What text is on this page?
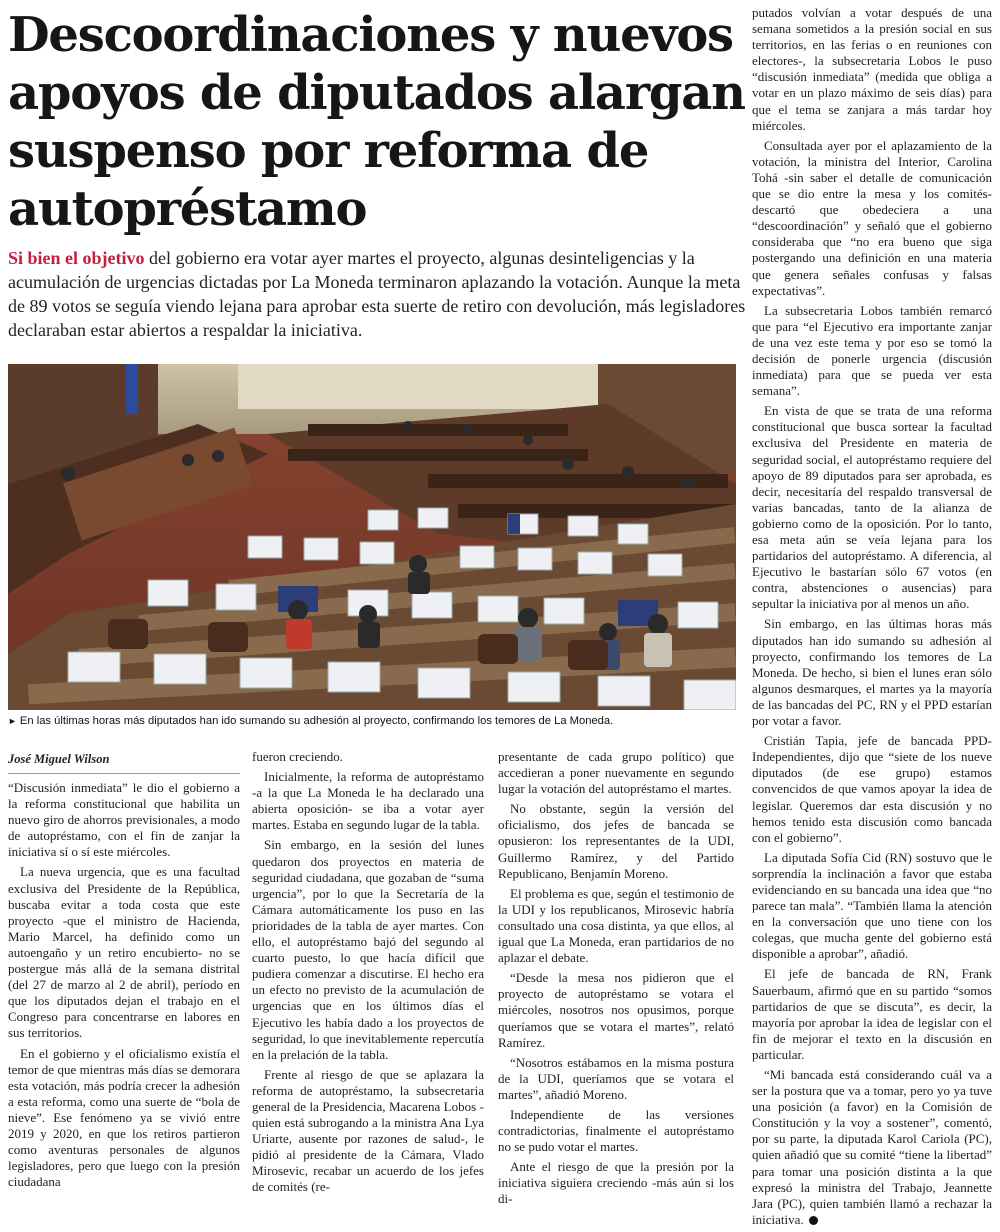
Descoordinaciones y nuevos apoyos de diputados alargan suspenso por reforma de autopréstamo

Si bien el objetivo del gobierno era votar ayer martes el proyecto, algunas desinteligencias y la acumulación de urgencias dictadas por La Moneda terminaron aplazando la votación. Aunque la meta de 89 votos se seguía viendo lejana para aprobar esta suerte de retiro con devolución, más legisladores declaraban estar abiertos a respaldar la iniciativa.

► En las últimas horas más diputados han ido sumando su adhesión al proyecto, confirmando los temores de La Moneda.

José Miguel Wilson

“Discusión inmediata” le dio el gobierno a la reforma constitucional que habilita un nuevo giro de ahorros previsionales, a modo de autopréstamo, con el fin de zanjar la iniciativa sí o sí este miércoles.

La nueva urgencia, que es una facultad exclusiva del Presidente de la República, buscaba evitar a toda costa que este proyecto -que el ministro de Hacienda, Mario Marcel, ha definido como un autoengaño y un retiro encubierto- no se postergue más allá de la semana distrital (del 27 de marzo al 2 de abril), período en que los diputados dejan el trabajo en el Congreso para concentrarse en labores en sus territorios.

En el gobierno y el oficialismo existía el temor de que mientras más días se demorara esta votación, más podría crecer la adhesión a esta reforma, como una suerte de “bola de nieve”. Ese fenómeno ya se vivió entre 2019 y 2020, en que los retiros partieron como aventuras personales de algunos legisladores, pero que luego con la presión ciudadana

fueron creciendo.

Inicialmente, la reforma de autopréstamo -a la que La Moneda le ha declarado una abierta oposición- se iba a votar ayer martes. Estaba en segundo lugar de la tabla.

Sin embargo, en la sesión del lunes quedaron dos proyectos en materia de seguridad ciudadana, que gozaban de “suma urgencia”, por lo que la Secretaría de la Cámara automáticamente los puso en las prioridades de la tabla de ayer martes. Con ello, el autopréstamo bajó del segundo al cuarto puesto, lo que hacía difícil que pudiera comenzar a discutirse. El hecho era un efecto no previsto de la acumulación de urgencias que en los últimos días el Ejecutivo les había dado a los proyectos de seguridad, lo que inevitablemente repercutía en la prelación de la tabla.

Frente al riesgo de que se aplazara la reforma de autopréstamo, la subsecretaria general de la Presidencia, Macarena Lobos -quien está subrogando a la ministra Ana Lya Uriarte, ausente por razones de salud-, le pidió al presidente de la Cámara, Vlado Mirosevic, recabar un acuerdo de los jefes de comités (re-

presentante de cada grupo político) que accedieran a poner nuevamente en segundo lugar la votación del autopréstamo el martes.

No obstante, según la versión del oficialismo, dos jefes de bancada se opusieron: los representantes de la UDI, Guillermo Ramírez, y del Partido Republicano, Benjamín Moreno.

El problema es que, según el testimonio de la UDI y los republicanos, Mirosevic habría consultado una cosa distinta, ya que ellos, al igual que La Moneda, eran partidarios de no aplazar el debate.

“Desde la mesa nos pidieron que el proyecto de autopréstamo se votara el miércoles, nosotros nos opusimos, porque queríamos que se votara el martes”, relató Ramírez.

“Nosotros estábamos en la misma postura de la UDI, queríamos que se votara el martes”, añadió Moreno.

Independiente de las versiones contradictorias, finalmente el autopréstamo no se pudo votar el martes.

Ante el riesgo de que la presión por la iniciativa siguiera creciendo -más aún si los di-

putados volvían a votar después de una semana sometidos a la presión social en sus territorios, en las ferias o en reuniones con electores-, la subsecretaria Lobos le puso “discusión inmediata” (medida que obliga a votar en un plazo máximo de seis días) para que el tema se zanjara a más tardar hoy miércoles.

Consultada ayer por el aplazamiento de la votación, la ministra del Interior, Carolina Tohá -sin saber el detalle de comunicación que se dio entre la mesa y los comités- descartó que obedeciera a una “descoordinación” y señaló que el gobierno consideraba que “no era bueno que siga postergando una definición en una materia que genera señales confusas y falsas expectativas”.

La subsecretaria Lobos también remarcó que para “el Ejecutivo era importante zanjar de una vez este tema y por eso se tomó la decisión de ponerle urgencia (discusión inmediata) para que se pueda ver esta semana”.

En vista de que se trata de una reforma constitucional que busca sortear la facultad exclusiva del Presidente en materia de seguridad social, el autopréstamo requiere del apoyo de 89 diputados para ser aprobada, es decir, necesitaría del respaldo transversal de varias bancadas, tanto de la alianza de gobierno como de la oposición. Por lo tanto, esa meta aún se veía lejana para los partidarios del autopréstamo. A diferencia, al Ejecutivo le bastarían sólo 67 votos (en contra, abstenciones o ausencias) para sepultar la iniciativa por al menos un año.

Sin embargo, en las últimas horas más diputados han ido sumando su adhesión al proyecto, confirmando los temores de La Moneda. De hecho, si bien el lunes eran sólo algunos desmarques, el martes ya la mayoría de las bancadas del PC, RN y el PPD estarían por votar a favor.

Cristián Tapia, jefe de bancada PPD-Independientes, dijo que “siete de los nueve diputados (de ese grupo) estamos convencidos de que vamos apoyar la idea de legislar. Queremos dar esta discusión y no hemos tenido esta discusión como bancada con el gobierno”.

La diputada Sofía Cid (RN) sostuvo que le sorprendía la inclinación a favor que estaba evidenciando en su bancada una idea que “no parece tan mala”. “También llama la atención en la conversación que uno tiene con los colegas, que mucha gente del gobierno está disponible a aprobar”, añadió.

El jefe de bancada de RN, Frank Sauerbaum, afirmó que en su partido “somos partidarios de que se discuta”, es decir, la mayoría por aprobar la idea de legislar con el fin de mejorar el texto en la discusión en particular.

“Mi bancada está considerando cuál va a ser la postura que va a tomar, pero yo ya tuve una posición (a favor) en la Comisión de Constitución y la voy a sostener”, comentó, por su parte, la diputada Karol Cariola (PC), quien añadió que su comité “tiene la libertad” para tomar una posición distinta a la que expresó la ministra del Trabajo, Jeannette Jara (PC), quien también llamó a rechazar la iniciativa.
